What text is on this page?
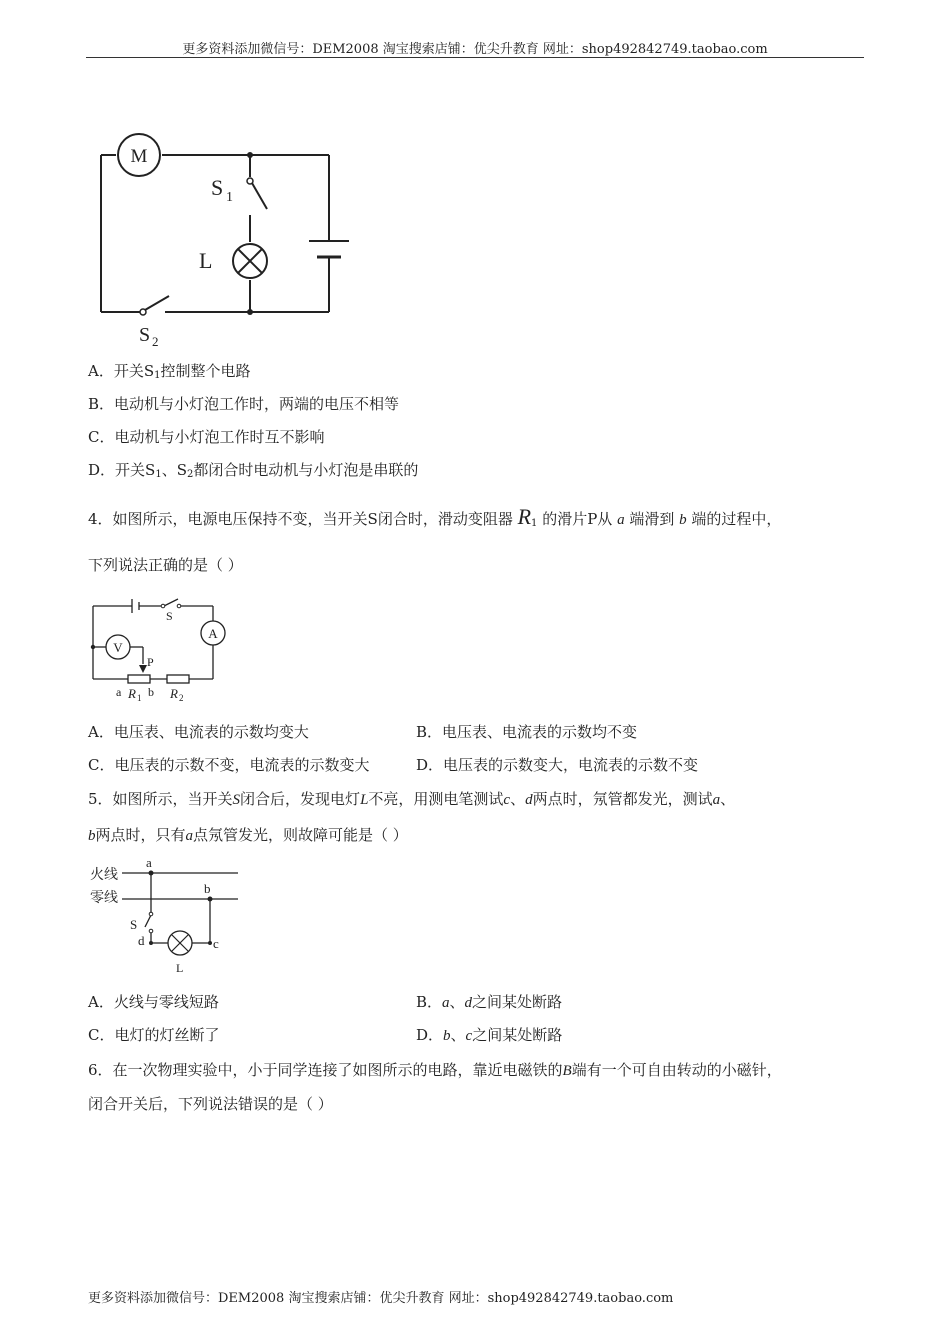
更多资料添加微信号：DEM2008 淘宝搜索店铺：优尖升教育 网址：shop492842749.taobao.com
M
S 1
L
S 2
A．开关$S_1$控制整个电路
B．电动机与小灯泡工作时，两端的电压不相等
C．电动机与小灯泡工作时互不影响
D．开关$S_1$、$S_2$都闭合时电动机与小灯泡是串联的
4．如图所示，电源电压保持不变，当开关S闭合时，滑动变阻器 $R_1$ 的滑片P从 a 端滑到 b 端的过程中，
下列说法正确的是（ ）
S
A
V
P
a R 1 b R 2
A．电压表、电流表的示数均变大	B．电压表、电流表的示数均不变
C．电压表的示数不变，电流表的示数变大	D．电压表的示数变大，电流表的示数不变
5．如图所示，当开关S闭合后，发现电灯L不亮，用测电笔测试c、d两点时，氖管都发光，测试a、
b两点时，只有a点氖管发光，则故障可能是（ ）
火线
零线
a
b
S
d	c
L
A．火线与零线短路	B．a、d之间某处断路
C．电灯的灯丝断了	D．b、c之间某处断路
6．在一次物理实验中，小于同学连接了如图所示的电路，靠近电磁铁的B端有一个可自由转动的小磁针，
闭合开关后，下列说法错误的是（ ）
更多资料添加微信号：DEM2008 淘宝搜索店铺：优尖升教育 网址：shop492842749.taobao.com
